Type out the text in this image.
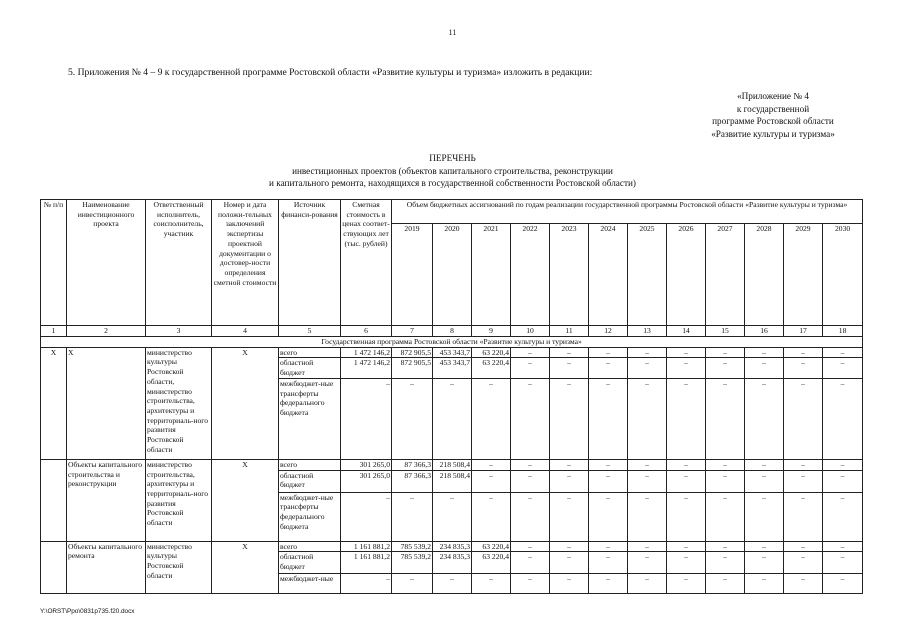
11
5. Приложения № 4 – 9 к государственной программе Ростовской области «Развитие культуры и туризма» изложить в редакции:
«Приложение № 4
к государственной
программе Ростовской области
«Развитие культуры и туризма»
ПЕРЕЧЕНЬ
инвестиционных проектов (объектов капитального строительства, реконструкции
и капитального ремонта, находящихся в государственной собственности Ростовской области)
№ п/п	Наименование инвестиционного проекта	Ответственный исполнитель, соисполнитель, участник	Номер и дата положи-тельных заключений экспертизы проектной документации о достовер-ности определения сметной стоимости	Источник финанси-рования	Сметная стоимость в ценах соответ-ствующих лет (тыс. рублей)	Объем бюджетных ассигнований по годам реализации государственной программы Ростовской области «Развитие культуры и туризма»											
						2019	2020	2021	2022	2023	2024	2025	2026	2027	2028	2029	2030
1	2	3	4	5	6	7	8	9	10	11	12	13	14	15	16	17	18
Государственная программа Ростовской области «Развитие культуры и туризма»																	
Х	Х	министерство культуры Ростовской области, министерство строительства, архитектуры и территориаль-ного развития Ростовской области	Х	всего	1 472 146,2	872 905,5	453 343,7	63 220,4	–	–	–	–	–	–	–	–	–
				областной бюджет	1 472 146,2	872 905,5	453 343,7	63 220,4	–	–	–	–	–	–	–	–	–
				межбюджет-ные трансферты федерального бюджета	–	–	–	–	–	–	–	–	–	–	–	–	–
	Объекты капитального строительства и реконструкции	министерство строительства, архитектуры и территориаль-ного развития Ростовской области	Х	всего	301 265,0	87 366,3	218 508,4	–	–	–	–	–	–	–	–	–	–
				областной бюджет	301 265,0	87 366,3	218 508,4	–	–	–	–	–	–	–	–	–	–
				межбюджет-ные трансферты федерального бюджета	–	–	–	–	–	–	–	–	–	–	–	–	–
	Объекты капитального ремонта	министерство культуры Ростовской области	Х	всего	1 161 881,2	785 539,2	234 835,3	63 220,4	–	–	–	–	–	–	–	–	–
				областной бюджет	1 161 881,2	785 539,2	234 835,3	63 220,4	–	–	–	–	–	–	–	–	–
				межбюджет-ные	–	–	–	–	–	–	–	–	–	–	–	–	–
Y:\ORST\Ppo\0831p735.f20.docx
